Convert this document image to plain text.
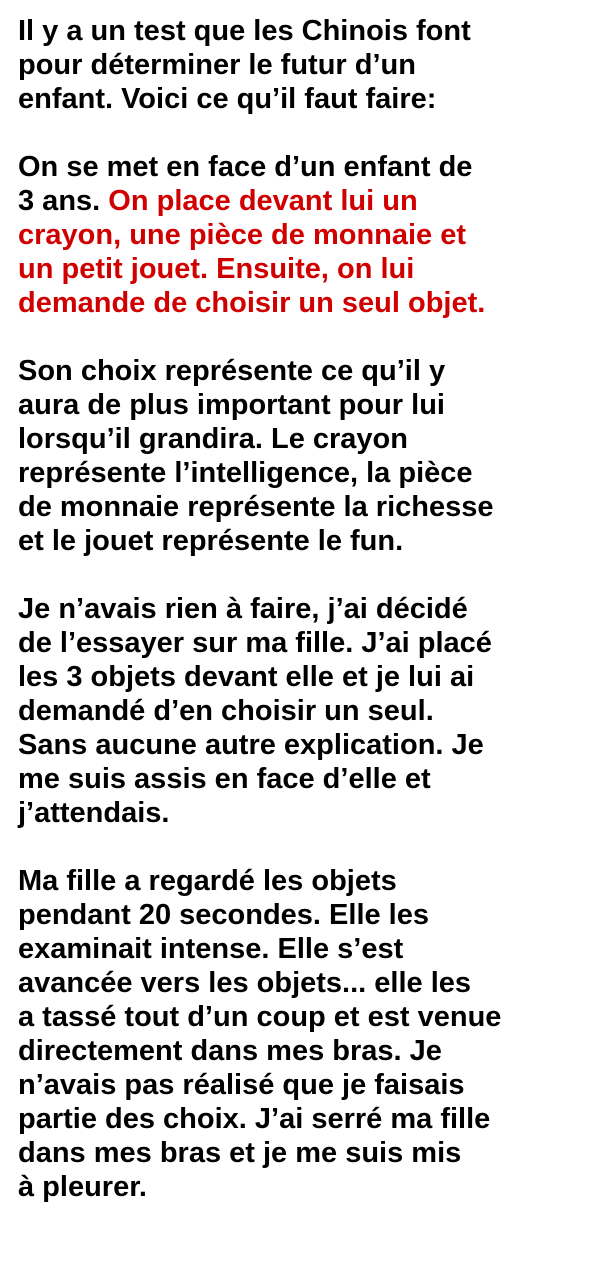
Il y a un test que les Chinois font
pour déterminer le futur d’un
enfant. Voici ce qu’il faut faire:

On se met en face d’un enfant de
3 ans. On place devant lui un
crayon, une pièce de monnaie et
un petit jouet. Ensuite, on lui
demande de choisir un seul objet.

Son choix représente ce qu’il y
aura de plus important pour lui
lorsqu’il grandira. Le crayon
représente l’intelligence, la pièce
de monnaie représente la richesse
et le jouet représente le fun.

Je n’avais rien à faire, j’ai décidé
de l’essayer sur ma fille. J’ai placé
les 3 objets devant elle et je lui ai
demandé d’en choisir un seul.
Sans aucune autre explication. Je
me suis assis en face d’elle et
j’attendais.

Ma fille a regardé les objets
pendant 20 secondes. Elle les
examinait intense. Elle s’est
avancée vers les objets... elle les
a tassé tout d’un coup et est venue
directement dans mes bras. Je
n’avais pas réalisé que je faisais
partie des choix. J’ai serré ma fille
dans mes bras et je me suis mis
à pleurer.
